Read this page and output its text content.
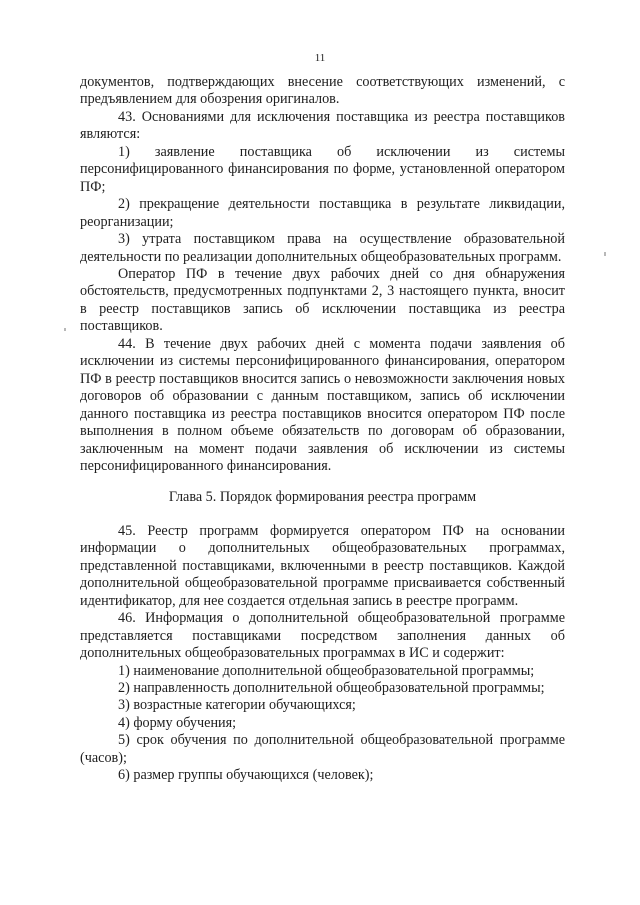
11

документов, подтверждающих внесение соответствующих изменений, с предъявлением для обозрения оригиналов.

43. Основаниями для исключения поставщика из реестра поставщиков являются:

1) заявление поставщика об исключении из системы персонифицированного финансирования по форме, установленной оператором ПФ;

2) прекращение деятельности поставщика в результате ликвидации, реорганизации;

3) утрата поставщиком права на осуществление образовательной деятельности по реализации дополнительных общеобразовательных программ.

Оператор ПФ в течение двух рабочих дней со дня обнаружения обстоятельств, предусмотренных подпунктами 2, 3 настоящего пункта, вносит в реестр поставщиков запись об исключении поставщика из реестра поставщиков.

44. В течение двух рабочих дней с момента подачи заявления об исключении из системы персонифицированного финансирования, оператором ПФ в реестр поставщиков вносится запись о невозможности заключения новых договоров об образовании с данным поставщиком, запись об исключении данного поставщика из реестра поставщиков вносится оператором ПФ после выполнения в полном объеме обязательств по договорам об образовании, заключенным на момент подачи заявления об исключении из системы персонифицированного финансирования.

Глава 5. Порядок формирования реестра программ

45. Реестр программ формируется оператором ПФ на основании информации о дополнительных общеобразовательных программах, представленной поставщиками, включенными в реестр поставщиков. Каждой дополнительной общеобразовательной программе присваивается собственный идентификатор, для нее создается отдельная запись в реестре программ.

46. Информация о дополнительной общеобразовательной программе представляется поставщиками посредством заполнения данных об дополнительных общеобразовательных программах в ИС и содержит:

1) наименование дополнительной общеобразовательной программы;

2) направленность дополнительной общеобразовательной программы;

3) возрастные категории обучающихся;

4) форму обучения;

5) срок обучения по дополнительной общеобразовательной программе (часов);

6) размер группы обучающихся (человек);
